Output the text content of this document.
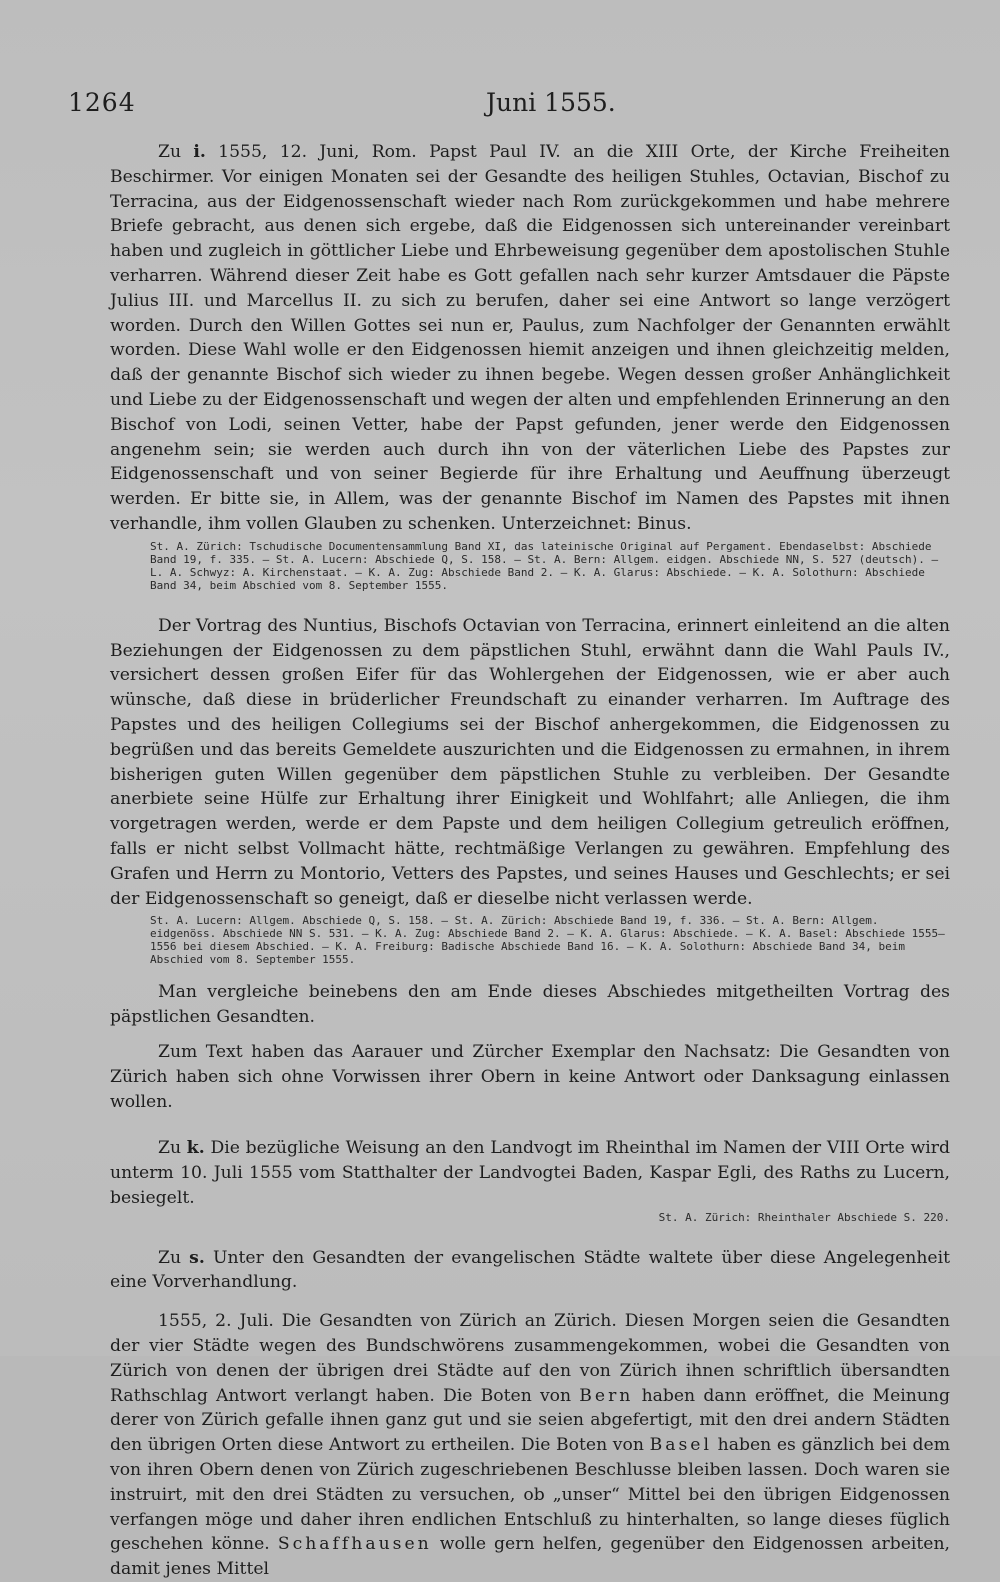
1264	Juni 1555.

Zu i. 1555, 12. Juni, Rom. Papst Paul IV. an die XIII Orte, der Kirche Freiheiten Beschirmer. Vor einigen Monaten sei der Gesandte des heiligen Stuhles, Octavian, Bischof zu Terracina, aus der Eidgenossenschaft wieder nach Rom zurückgekommen und habe mehrere Briefe gebracht, aus denen sich ergebe, daß die Eidgenossen sich untereinander vereinbart haben und zugleich in göttlicher Liebe und Ehrbeweisung gegenüber dem apostolischen Stuhle verharren. Während dieser Zeit habe es Gott gefallen nach sehr kurzer Amtsdauer die Päpste Julius III. und Marcellus II. zu sich zu berufen, daher sei eine Antwort so lange verzögert worden. Durch den Willen Gottes sei nun er, Paulus, zum Nachfolger der Genannten erwählt worden. Diese Wahl wolle er den Eidgenossen hiemit anzeigen und ihnen gleichzeitig melden, daß der genannte Bischof sich wieder zu ihnen begebe. Wegen dessen großer Anhänglichkeit und Liebe zu der Eidgenossenschaft und wegen der alten und empfehlenden Erinnerung an den Bischof von Lodi, seinen Vetter, habe der Papst gefunden, jener werde den Eidgenossen angenehm sein; sie werden auch durch ihn von der väterlichen Liebe des Papstes zur Eidgenossenschaft und von seiner Begierde für ihre Erhaltung und Aeuffnung überzeugt werden. Er bitte sie, in Allem, was der genannte Bischof im Namen des Papstes mit ihnen verhandle, ihm vollen Glauben zu schenken. Unterzeichnet: Binus.

St. A. Zürich: Tschudische Documentensammlung Band XI, das lateinische Original auf Pergament. Ebendaselbst: Abschiede Band 19, f. 335. — St. A. Lucern: Abschiede Q, S. 158. — St. A. Bern: Allgem. eidgen. Abschiede NN, S. 527 (deutsch). — L. A. Schwyz: A. Kirchenstaat. — K. A. Zug: Abschiede Band 2. — K. A. Glarus: Abschiede. — K. A. Solothurn: Abschiede Band 34, beim Abschied vom 8. September 1555.

Der Vortrag des Nuntius, Bischofs Octavian von Terracina, erinnert einleitend an die alten Beziehungen der Eidgenossen zu dem päpstlichen Stuhl, erwähnt dann die Wahl Pauls IV., versichert dessen großen Eifer für das Wohlergehen der Eidgenossen, wie er aber auch wünsche, daß diese in brüderlicher Freundschaft zu einander verharren. Im Auftrage des Papstes und des heiligen Collegiums sei der Bischof anhergekommen, die Eidgenossen zu begrüßen und das bereits Gemeldete auszurichten und die Eidgenossen zu ermahnen, in ihrem bisherigen guten Willen gegenüber dem päpstlichen Stuhle zu verbleiben. Der Gesandte anerbiete seine Hülfe zur Erhaltung ihrer Einigkeit und Wohlfahrt; alle Anliegen, die ihm vorgetragen werden, werde er dem Papste und dem heiligen Collegium getreulich eröffnen, falls er nicht selbst Vollmacht hätte, rechtmäßige Verlangen zu gewähren. Empfehlung des Grafen und Herrn zu Montorio, Vetters des Papstes, und seines Hauses und Geschlechts; er sei der Eidgenossenschaft so geneigt, daß er dieselbe nicht verlassen werde.

St. A. Lucern: Allgem. Abschiede Q, S. 158. — St. A. Zürich: Abschiede Band 19, f. 336. — St. A. Bern: Allgem. eidgenöss. Abschiede NN S. 531. — K. A. Zug: Abschiede Band 2. — K. A. Glarus: Abschiede. — K. A. Basel: Abschiede 1555—1556 bei diesem Abschied. — K. A. Freiburg: Badische Abschiede Band 16. — K. A. Solothurn: Abschiede Band 34, beim Abschied vom 8. September 1555.

Man vergleiche beinebens den am Ende dieses Abschiedes mitgetheilten Vortrag des päpstlichen Gesandten.

Zum Text haben das Aarauer und Zürcher Exemplar den Nachsatz: Die Gesandten von Zürich haben sich ohne Vorwissen ihrer Obern in keine Antwort oder Danksagung einlassen wollen.

Zu k. Die bezügliche Weisung an den Landvogt im Rheinthal im Namen der VIII Orte wird unterm 10. Juli 1555 vom Statthalter der Landvogtei Baden, Kaspar Egli, des Raths zu Lucern, besiegelt.

St. A. Zürich: Rheinthaler Abschiede S. 220.

Zu s. Unter den Gesandten der evangelischen Städte waltete über diese Angelegenheit eine Vorverhandlung.

1555, 2. Juli. Die Gesandten von Zürich an Zürich. Diesen Morgen seien die Gesandten der vier Städte wegen des Bundschwörens zusammengekommen, wobei die Gesandten von Zürich von denen der übrigen drei Städte auf den von Zürich ihnen schriftlich übersandten Rathschlag Antwort verlangt haben. Die Boten von Bern haben dann eröffnet, die Meinung derer von Zürich gefalle ihnen ganz gut und sie seien abgefertigt, mit den drei andern Städten den übrigen Orten diese Antwort zu ertheilen. Die Boten von Basel haben es gänzlich bei dem von ihren Obern denen von Zürich zugeschriebenen Beschlusse bleiben lassen. Doch waren sie instruirt, mit den drei Städten zu versuchen, ob „unser“ Mittel bei den übrigen Eidgenossen verfangen möge und daher ihren endlichen Entschluß zu hinterhalten, so lange dieses füglich geschehen könne. Schaffhausen wolle gern helfen, gegenüber den Eidgenossen arbeiten, damit jenes Mittel
